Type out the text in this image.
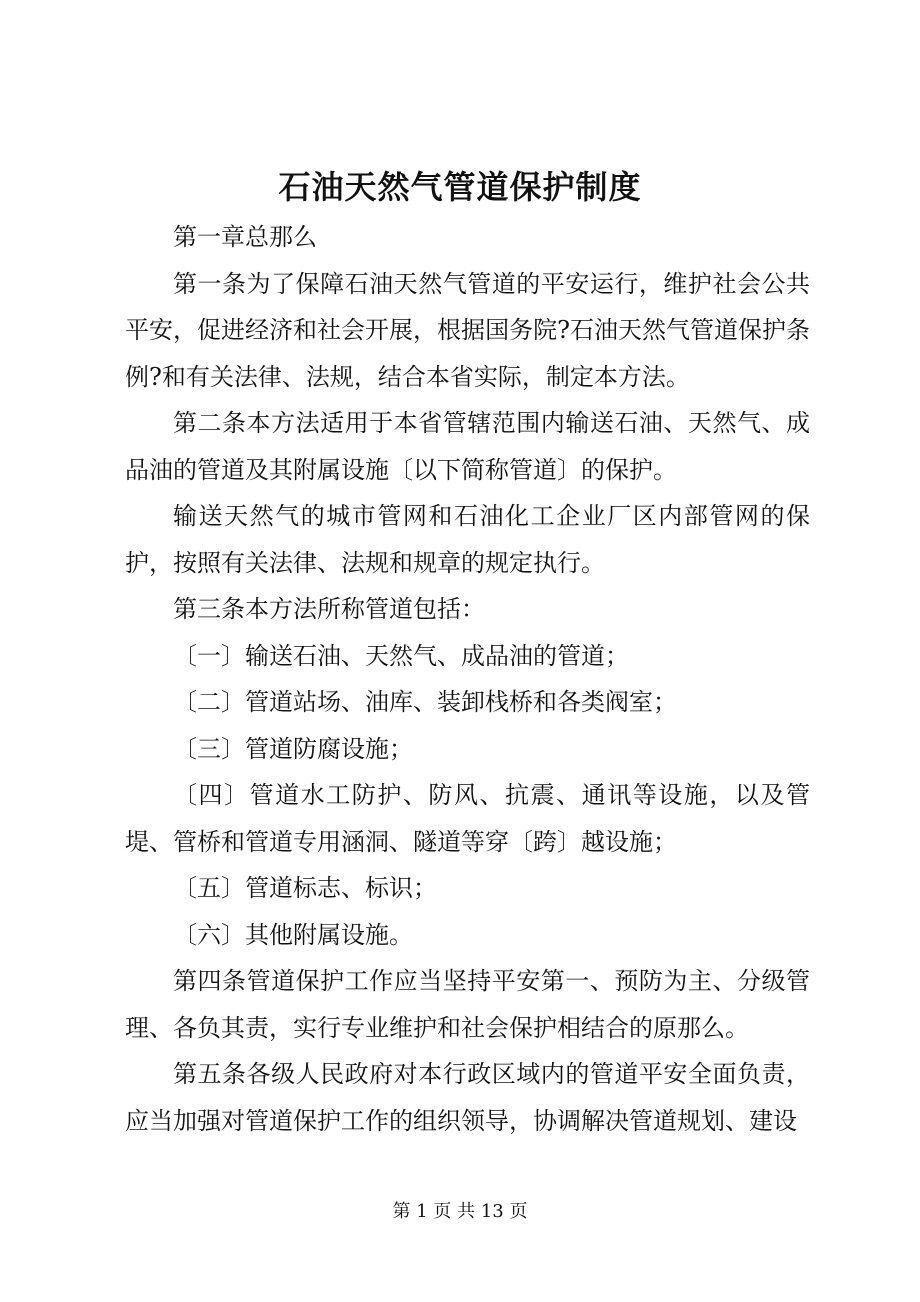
石油天然气管道保护制度

第一章总那么

第一条为了保障石油天然气管道的平安运行，维护社会公共平安，促进经济和社会开展，根据国务院?石油天然气管道保护条例?和有关法律、法规，结合本省实际，制定本方法。

第二条本方法适用于本省管辖范围内输送石油、天然气、成品油的管道及其附属设施〔以下简称管道〕的保护。

输送天然气的城市管网和石油化工企业厂区内部管网的保护，按照有关法律、法规和规章的规定执行。

第三条本方法所称管道包括：

〔一〕输送石油、天然气、成品油的管道；

〔二〕管道站场、油库、装卸栈桥和各类阀室；

〔三〕管道防腐设施；

〔四〕管道水工防护、防风、抗震、通讯等设施，以及管堤、管桥和管道专用涵洞、隧道等穿〔跨〕越设施；

〔五〕管道标志、标识；

〔六〕其他附属设施。

第四条管道保护工作应当坚持平安第一、预防为主、分级管理、各负其责，实行专业维护和社会保护相结合的原那么。

第五条各级人民政府对本行政区域内的管道平安全面负责，应当加强对管道保护工作的组织领导，协调解决管道规划、建设

第 1 页 共 13 页
